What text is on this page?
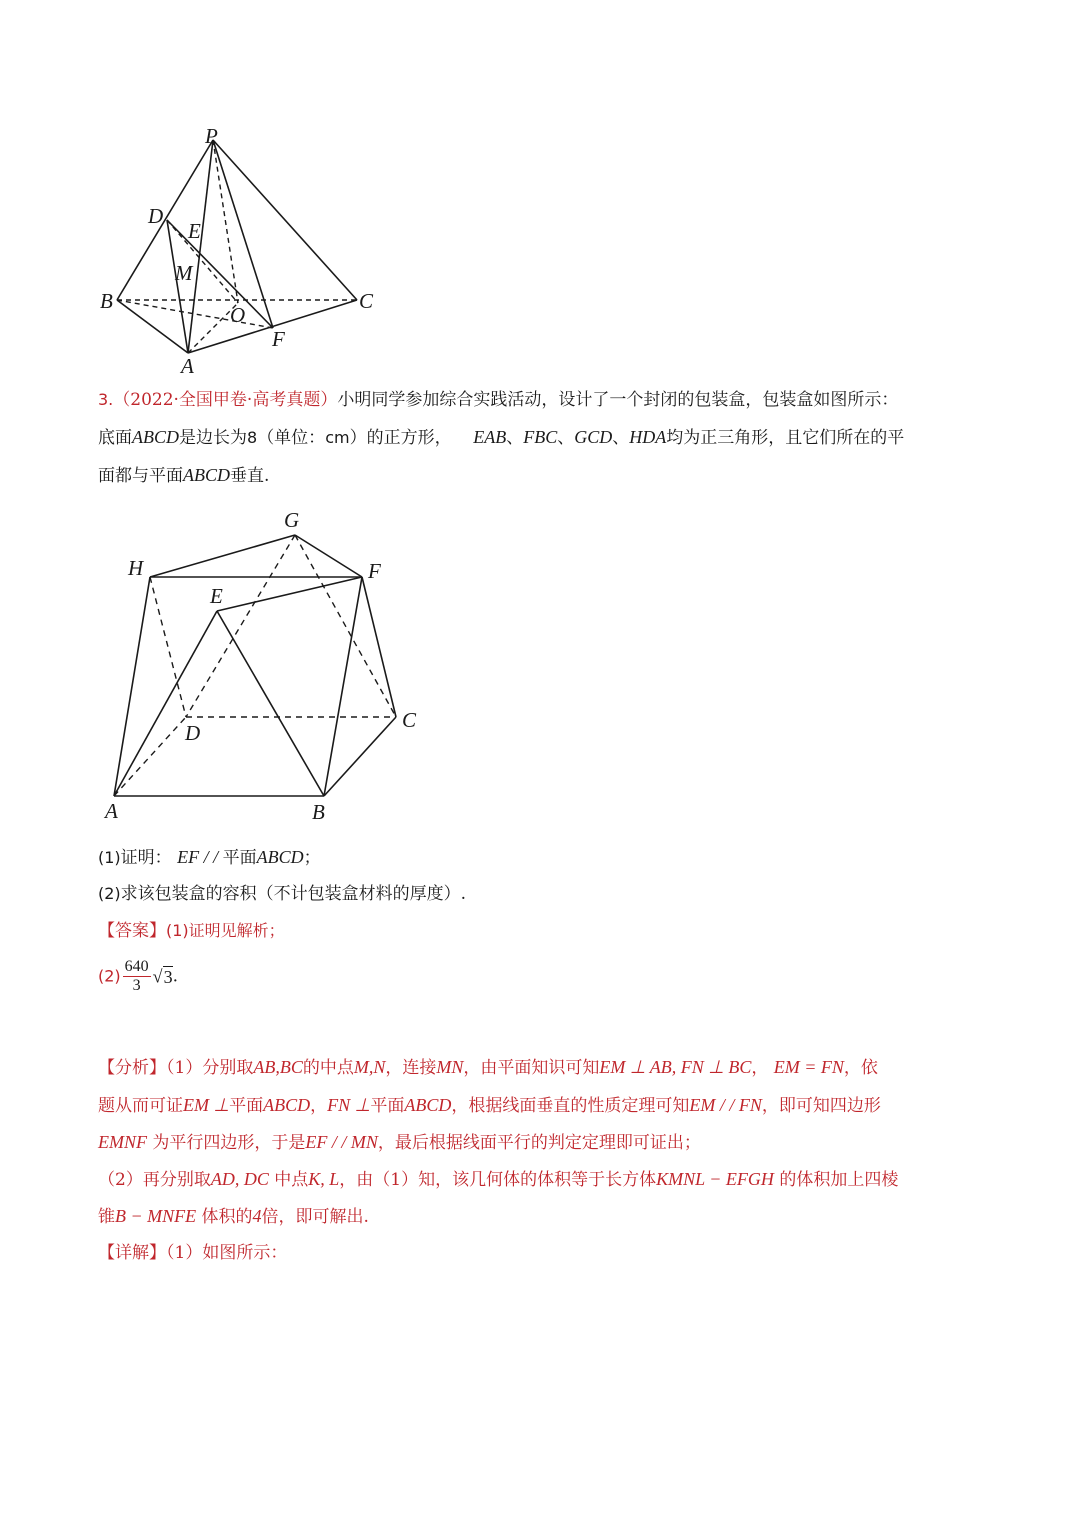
P
D
E
M
B
O
C
F
A
3.（2022·全国甲卷·高考真题）小明同学参加综合实践活动，设计了一个封闭的包装盒，包装盒如图所示：
底面ABCD是边长为8（单位：cm）的正方形， EAB、FBC、GCD、HDA均为正三角形，且它们所在的平
面都与平面ABCD垂直.
G
H	F
E
C
D
A	B
(1)证明： EF / / 平面ABCD；
(2)求该包装盒的容积（不计包装盒材料的厚度）.
【答案】(1)证明见解析；
$(2) \frac{640}{3} √3$.
【分析】（1）分别取AB,BC的中点M,N，连接MN，由平面知识可知EM ⊥ AB, FN ⊥ BC， EM = FN，依
题从而可证EM ⊥平面ABCD，FN ⊥平面ABCD，根据线面垂直的性质定理可知EM / / FN，即可知四边形
EMNF 为平行四边形，于是EF / / MN，最后根据线面平行的判定定理即可证出；
（2）再分别取AD, DC 中点K, L，由（1）知，该几何体的体积等于长方体KMNL − EFGH 的体积加上四棱
锥B − MNFE 体积的4倍，即可解出.
【详解】（1）如图所示：
